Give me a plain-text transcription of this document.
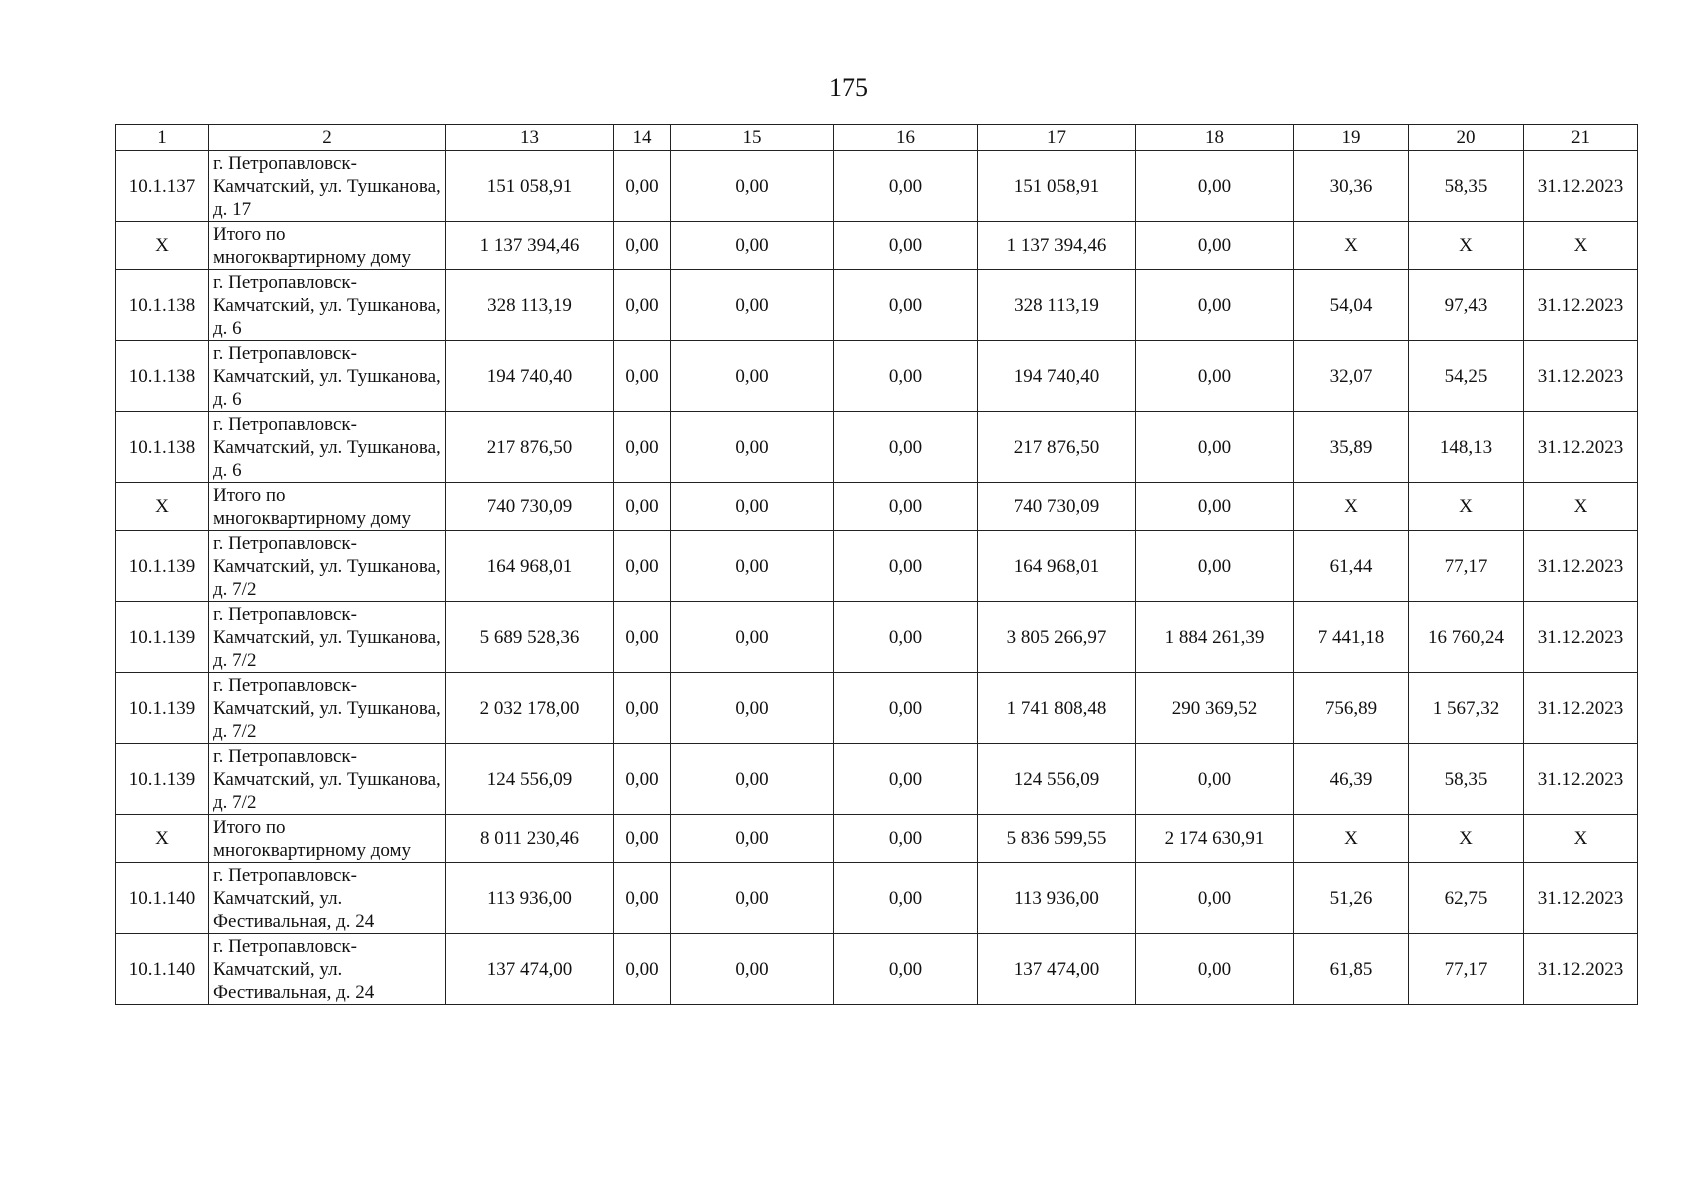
175
1	2	13	14	15	16	17	18	19	20	21
10.1.137	г. Петропавловск-Камчатский, ул. Тушканова, д. 17	151 058,91	0,00	0,00	0,00	151 058,91	0,00	30,36	58,35	31.12.2023
X	Итого по многоквартирному дому	1 137 394,46	0,00	0,00	0,00	1 137 394,46	0,00	X	X	X
10.1.138	г. Петропавловск-Камчатский, ул. Тушканова, д. 6	328 113,19	0,00	0,00	0,00	328 113,19	0,00	54,04	97,43	31.12.2023
10.1.138	г. Петропавловск-Камчатский, ул. Тушканова, д. 6	194 740,40	0,00	0,00	0,00	194 740,40	0,00	32,07	54,25	31.12.2023
10.1.138	г. Петропавловск-Камчатский, ул. Тушканова, д. 6	217 876,50	0,00	0,00	0,00	217 876,50	0,00	35,89	148,13	31.12.2023
X	Итого по многоквартирному дому	740 730,09	0,00	0,00	0,00	740 730,09	0,00	X	X	X
10.1.139	г. Петропавловск-Камчатский, ул. Тушканова, д. 7/2	164 968,01	0,00	0,00	0,00	164 968,01	0,00	61,44	77,17	31.12.2023
10.1.139	г. Петропавловск-Камчатский, ул. Тушканова, д. 7/2	5 689 528,36	0,00	0,00	0,00	3 805 266,97	1 884 261,39	7 441,18	16 760,24	31.12.2023
10.1.139	г. Петропавловск-Камчатский, ул. Тушканова, д. 7/2	2 032 178,00	0,00	0,00	0,00	1 741 808,48	290 369,52	756,89	1 567,32	31.12.2023
10.1.139	г. Петропавловск-Камчатский, ул. Тушканова, д. 7/2	124 556,09	0,00	0,00	0,00	124 556,09	0,00	46,39	58,35	31.12.2023
X	Итого по многоквартирному дому	8 011 230,46	0,00	0,00	0,00	5 836 599,55	2 174 630,91	X	X	X
10.1.140	г. Петропавловск-Камчатский, ул. Фестивальная, д. 24	113 936,00	0,00	0,00	0,00	113 936,00	0,00	51,26	62,75	31.12.2023
10.1.140	г. Петропавловск-Камчатский, ул. Фестивальная, д. 24	137 474,00	0,00	0,00	0,00	137 474,00	0,00	61,85	77,17	31.12.2023
